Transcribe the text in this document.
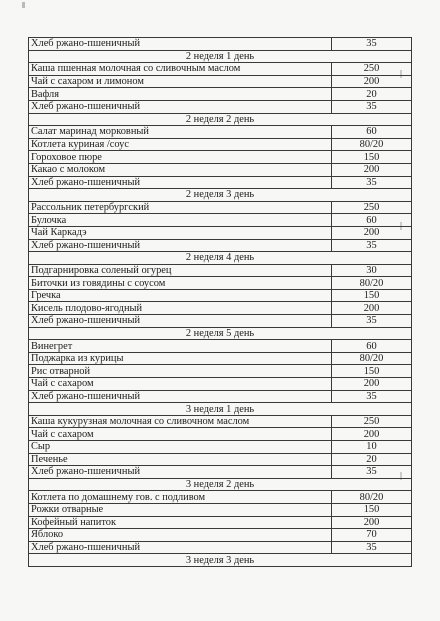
Хлеб ржано-пшеничный	35
2 неделя 1 день	
Каша пшенная молочная со сливочным маслом	250
Чай с сахаром и лимоном	200
Вафля	20
Хлеб ржано-пшеничный	35
2 неделя 2 день	
Салат маринад морковный	60
Котлета куриная /соус	80/20
Гороховое пюре	150
Какао с молоком	200
Хлеб ржано-пшеничный	35
2 неделя 3 день	
Рассольник петербургский	250
Булочка	60
Чай Каркадэ	200
Хлеб ржано-пшеничный	35
2 неделя 4 день	
Подгарнировка соленый огурец	30
Биточки из говядины с соусом	80/20
Гречка	150
Кисель плодово-ягодный	200
Хлеб ржано-пшеничный	35
2 неделя 5 день	
Винегрет	60
Поджарка из курицы	80/20
Рис отварной	150
Чай с сахаром	200
Хлеб ржано-пшеничный	35
3 неделя 1 день	
Каша кукурузная молочная со сливочном маслом	250
Чай с сахаром	200
Сыр	10
Печенье	20
Хлеб ржано-пшеничный	35
3 неделя 2 день	
Котлета по домашнему гов. с подливом	80/20
Рожки отварные	150
Кофейный напиток	200
Яблоко	70
Хлеб ржано-пшеничный	35
3 неделя 3 день	
